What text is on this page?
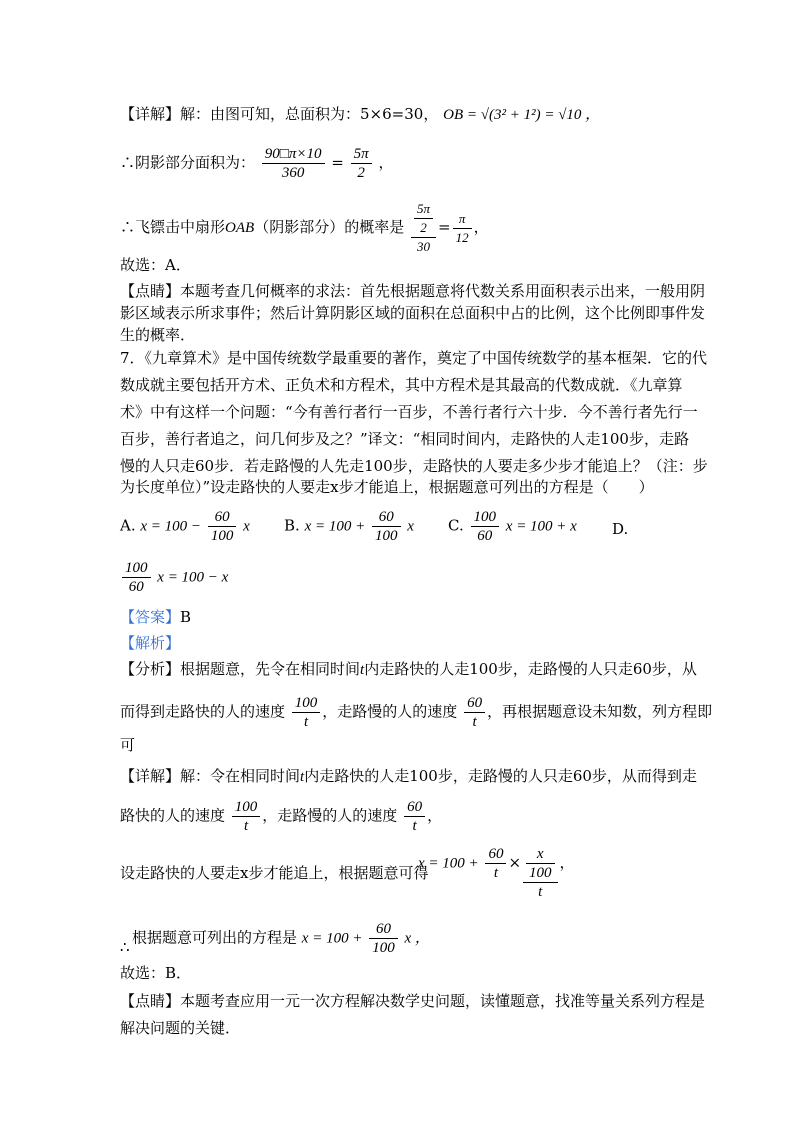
【详解】解：由图可知，总面积为：5×6=30， OB = √(3² + 1²) = √10 ，
∴阴影部分面积为： $\frac{90□\pi\times 10}{360} = \frac{5\pi}{2}$ ，
∴飞镖击中扇形OAB（阴影部分）的概率是 $\frac{\frac{5\pi}{2}}{30} = \frac{\pi}{12}$ ，
故选：A．
【点睛】本题考查几何概率的求法：首先根据题意将代数关系用面积表示出来，一般用阴
影区域表示所求事件；然后计算阴影区域的面积在总面积中占的比例，这个比例即事件发
生的概率．
7．《九章算术》是中国传统数学最重要的著作，奠定了中国传统数学的基本框架．它的代
数成就主要包括开方术、正负术和方程术，其中方程术是其最高的代数成就．《九章算
术》中有这样一个问题：“今有善行者行一百步，不善行者行六十步．今不善行者先行一
百步，善行者追之，问几何步及之？”译文：“相同时间内，走路快的人走100步，走路
慢的人只走60步．若走路慢的人先走100步，走路快的人要走多少步才能追上？（注：步
为长度单位）”设走路快的人要走x步才能追上，根据题意可列出的方程是（　　）
A. $x = 100 - \frac{60}{100}$ x B. $x = 100 + \frac{60}{100}$ x C. $\frac{100}{60}$ x = 100 + x D.
$\frac{100}{60}$ x = 100 − x
【答案】B
【解析】
【分析】根据题意，先令在相同时间t内走路快的人走100步，走路慢的人只走60步，从
而得到走路快的人的速度 $\frac{100}{t}$ ，走路慢的人的速度 $\frac{60}{t}$ ，再根据题意设未知数，列方程即
可
【详解】解：令在相同时间t内走路快的人走100步，走路慢的人只走60步，从而得到走
路快的人的速度 $\frac{100}{t}$ ，走路慢的人的速度 $\frac{60}{t}$ ，
设走路快的人要走x步才能追上，根据题意可得
$x = 100 + \frac{60}{t} \times \frac{\frac{x}{100}}{t}$ ，
根据题意可列出的方程是 $x = 100 + \frac{60}{100}$ x ，
∴
故选：B．
【点睛】本题考查应用一元一次方程解决数学史问题，读懂题意，找准等量关系列方程是
解决问题的关键．
